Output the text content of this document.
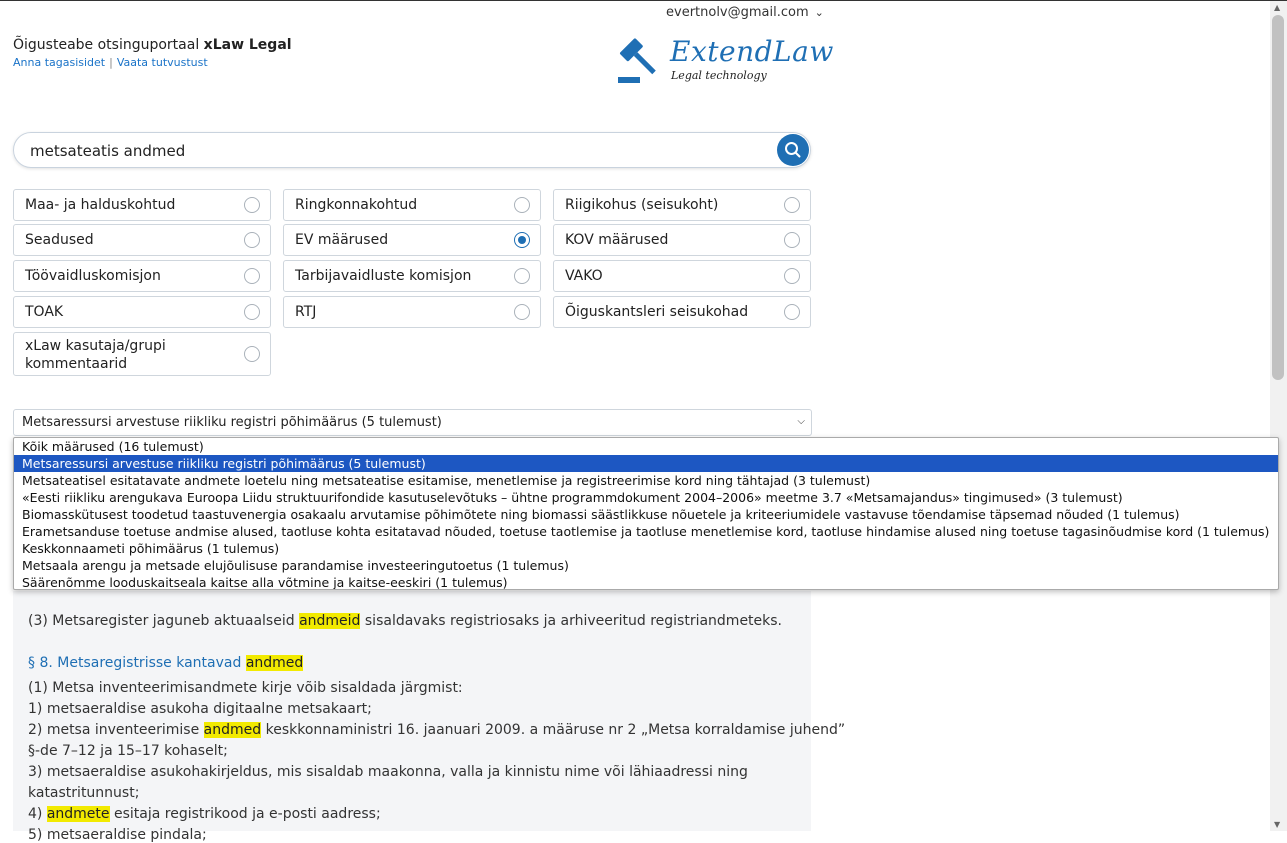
evertnolv@gmail.com ⌄
Õigusteabe otsinguportaal xLaw Legal
Anna tagasisidet | Vaata tutvustust	ExtendLaw
Legal technology
metsateatis andmed
Maa- ja halduskohtud	Ringkonnakohtud	Riigikohus (seisukoht)
Seadused	EV määrused	KOV määrused
Töövaidluskomisjon	Tarbijavaidluste komisjon	VAKO
TOAK	RTJ	Õiguskantsleri seisukohad
xLaw kasutaja/grupi kommentaarid
Metsaressursi arvestuse riikliku registri põhimäärus (5 tulemust)	⌵
Kõik määrused (16 tulemust)
Metsaressursi arvestuse riikliku registri põhimäärus (5 tulemust)
Metsateatisel esitatavate andmete loetelu ning metsateatise esitamise, menetlemise ja registreerimise kord ning tähtajad (3 tulemust)
«Eesti riikliku arengukava Euroopa Liidu struktuurifondide kasutuselevõtuks – ühtne programmdokument 2004–2006» meetme 3.7 «Metsamajandus» tingimused» (3 tulemust)
Biomasskütusest toodetud taastuvenergia osakaalu arvutamise põhimõtete ning biomassi säästlikkuse nõuetele ja kriteeriumidele vastavuse tõendamise täpsemad nõuded (1 tulemus)
Erametsanduse toetuse andmise alused, taotluse kohta esitatavad nõuded, toetuse taotlemise ja taotluse menetlemise kord, taotluse hindamise alused ning toetuse tagasinõudmise kord (1 tulemus)
Keskkonnaameti põhimäärus (1 tulemus)
Metsaala arengu ja metsade elujõulisuse parandamise investeeringutoetus (1 tulemus)
Säärenõmme looduskaitseala kaitse alla võtmine ja kaitse-eeskiri (1 tulemus)
(3) Metsaregister jaguneb aktuaalseid andmeid sisaldavaks registriosaks ja arhiveeritud registriandmeteks.
§ 8. Metsaregistrisse kantavad andmed
(1) Metsa inventeerimisandmete kirje võib sisaldada järgmist:
1) metsaeraldise asukoha digitaalne metsakaart;
2) metsa inventeerimise andmed keskkonnaministri 16. jaanuari 2009. a määruse nr 2 „Metsa korraldamise juhend”
§-de 7–12 ja 15–17 kohaselt;
3) metsaeraldise asukohakirjeldus, mis sisaldab maakonna, valla ja kinnistu nime või lähiaadressi ning
katastritunnust;
4) andmete esitaja registrikood ja e-posti aadress;
5) metsaeraldise pindala;
▲
▼
